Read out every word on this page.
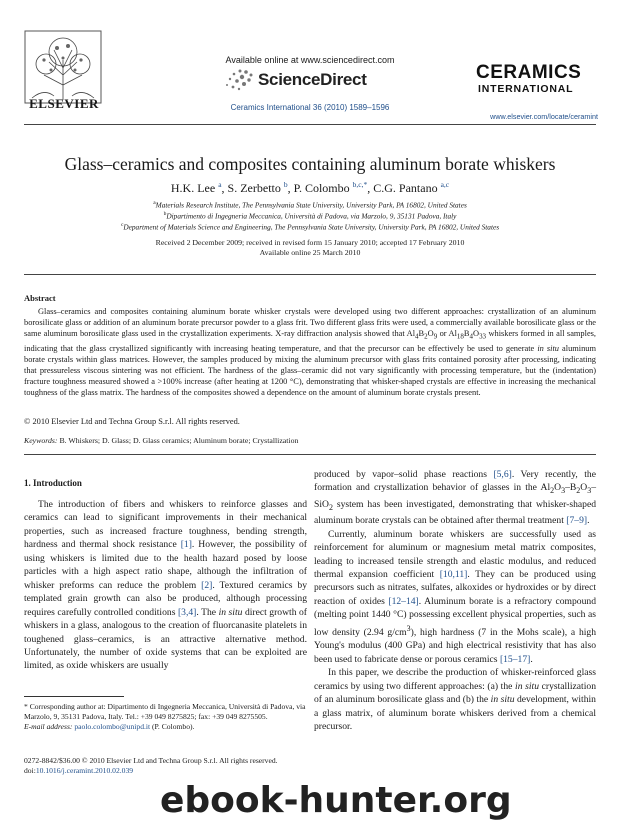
ELSEVIER
Available online at www.sciencedirect.com
ScienceDirect
Ceramics International 36 (2010) 1589–1596
CERAMICS
INTERNATIONAL
www.elsevier.com/locate/ceramint
Glass–ceramics and composites containing aluminum borate whiskers
H.K. Lee $^a$, S. Zerbetto $^b$, P. Colombo $^{b,c,*}$, C.G. Pantano $^{a,c}$
$^a$Materials Research Institute, The Pennsylvania State University, University Park, PA 16802, United States
$^b$Dipartimento di Ingegneria Meccanica, Università di Padova, via Marzolo, 9, 35131 Padova, Italy
$^c$Department of Materials Science and Engineering, The Pennsylvania State University, University Park, PA 16802, United States
Received 2 December 2009; received in revised form 15 January 2010; accepted 17 February 2010
Available online 25 March 2010
Abstract
Glass–ceramics and composites containing aluminum borate whisker crystals were developed using two different approaches: crystallization of an aluminum borosilicate glass or addition of an aluminum borate precursor powder to a glass frit. Two different glass frits were used, a commercially available borosilicate glass or the same aluminum borosilicate glass used in the crystallization experiments. X-ray diffraction analysis showed that $Al_4B_2O_9$ or $Al_{18}B_4O_{33}$ whiskers formed in all samples, indicating that the glass crystallized significantly with increasing heating temperature, and that the precursor can be effectively be used to generate in situ aluminum borate crystals within glass matrices. However, the samples produced by mixing the aluminum precursor with glass frits contained porosity after processing, indicating that pressureless viscous sintering was not efficient. The hardness of the glass–ceramic did not vary significantly with processing temperature, but the (indentation) fracture toughness measured showed a >100% increase (after heating at 1200 °C), demonstrating that whisker-shaped crystals are effective in increasing the mechanical toughness of the glass matrix. The hardness of the composites showed a dependence on the amount of aluminum borate crystals present.
© 2010 Elsevier Ltd and Techna Group S.r.l. All rights reserved.
Keywords: B. Whiskers; D. Glass; D. Glass ceramics; Aluminum borate; Crystallization
1. Introduction
The introduction of fibers and whiskers to reinforce glasses and ceramics can lead to significant improvements in their mechanical properties, such as increased fracture toughness, bending strength, hardness and thermal shock resistance [1]. However, the possibility of using whiskers is limited due to the health hazard posed by loose particles with a high aspect ratio shape, although the infiltration of whisker preforms can reduce the problem [2]. Textured ceramics by templated grain growth can also be produced, although processing requires carefully controlled conditions [3,4]. The in situ direct growth of whiskers in a glass, analogous to the creation of fluorcanasite platelets in toughened glass–ceramics, is an attractive alternative method. Unfortunately, the number of oxide systems that can be exploited are limited, as oxide whiskers are usually

produced by vapor–solid phase reactions [5,6]. Very recently, the formation and crystallization behavior of glasses in the $Al_2O_3-B_2O_3-SiO_2$ system has been investigated, demonstrating that whisker-shaped aluminum borate crystals can be obtained after thermal treatment [7–9].

Currently, aluminum borate whiskers are successfully used as reinforcement for aluminum or magnesium metal matrix composites, leading to increased tensile strength and elastic modulus, and reduced thermal expansion coefficient [10,11]. They can be produced using precursors such as nitrates, sulfates, alkoxides or hydroxides or by direct reaction of oxides [12–14]. Aluminum borate is a refractory compound (melting point 1440 °C) possessing excellent physical properties, such as low density (2.94 $g/cm^3$), high hardness (7 in the Mohs scale), a high Young's modulus (400 GPa) and high electrical resistivity that has also been used to fabricate dense or porous ceramics [15–17].

In this paper, we describe the production of whisker-reinforced glass ceramics by using two different approaches: (a) the in situ crystallization of an aluminum borosilicate glass and (b) the in situ development, within a glass matrix, of aluminum borate whiskers derived from a chemical precursor.

* Corresponding author at: Dipartimento di Ingegneria Meccanica, Università di Padova, via Marzolo, 9, 35131 Padova, Italy. Tel.: +39 049 8275825; fax: +39 049 8275505.
E-mail address: paolo.colombo@unipd.it (P. Colombo).
0272-8842/$36.00 © 2010 Elsevier Ltd and Techna Group S.r.l. All rights reserved.
doi:10.1016/j.ceramint.2010.02.039
ebook-hunter.org
